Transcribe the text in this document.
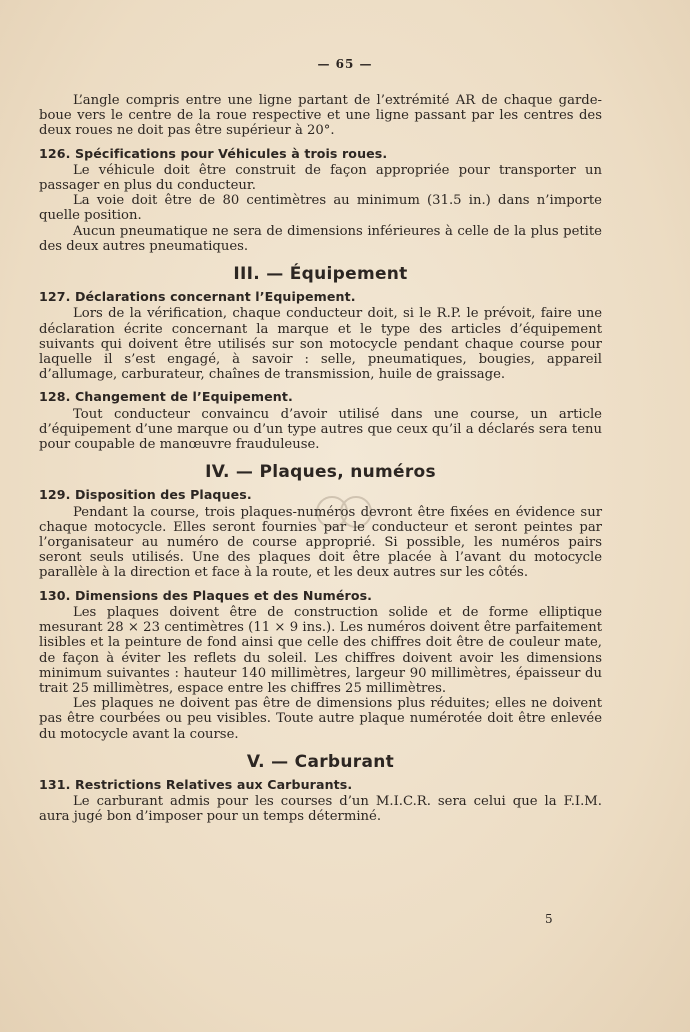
— 65 —

L’angle compris entre une ligne partant de l’extrémité AR de chaque garde-boue vers le centre de la roue respective et une ligne passant par les centres des deux roues ne doit pas être supérieur à 20°.

126. Spécifications pour Véhicules à trois roues.

Le véhicule doit être construit de façon appropriée pour transporter un passager en plus du conducteur.

La voie doit être de 80 centimètres au minimum (31.5 in.) dans n’importe quelle position.

Aucun pneumatique ne sera de dimensions inférieures à celle de la plus petite des deux autres pneumatiques.

III. — Équipement
127. Déclarations concernant l’Equipement.

Lors de la vérification, chaque conducteur doit, si le R.P. le prévoit, faire une déclaration écrite concernant la marque et le type des articles d’équipement suivants qui doivent être utilisés sur son motocycle pendant chaque course pour laquelle il s’est engagé, à savoir : selle, pneumatiques, bougies, appareil d’allumage, carburateur, chaînes de transmission, huile de graissage.

128. Changement de l’Equipement.

Tout conducteur convaincu d’avoir utilisé dans une course, un article d’équipement d’une marque ou d’un type autres que ceux qu’il a déclarés sera tenu pour coupable de manœuvre frauduleuse.

IV. — Plaques, numéros
129. Disposition des Plaques.

Pendant la course, trois plaques-numéros devront être fixées en évidence sur chaque motocycle. Elles seront fournies par le conducteur et seront peintes par l’organisateur au numéro de course approprié. Si possible, les numéros pairs seront seuls utilisés. Une des plaques doit être placée à l’avant du motocycle parallèle à la direction et face à la route, et les deux autres sur les côtés.

130. Dimensions des Plaques et des Numéros.

Les plaques doivent être de construction solide et de forme elliptique mesurant 28 × 23 centimètres (11 × 9 ins.). Les numéros doivent être parfaitement lisibles et la peinture de fond ainsi que celle des chiffres doit être de couleur mate, de façon à éviter les reflets du soleil. Les chiffres doivent avoir les dimensions minimum suivantes : hauteur 140 millimètres, largeur 90 millimètres, épaisseur du trait 25 millimètres, espace entre les chiffres 25 millimètres.

Les plaques ne doivent pas être de dimensions plus réduites; elles ne doivent pas être courbées ou peu visibles. Toute autre plaque numérotée doit être enlevée du motocycle avant la course.

V. — Carburant
131. Restrictions Relatives aux Carburants.

Le carburant admis pour les courses d’un M.I.C.R. sera celui que la F.I.M. aura jugé bon d’imposer pour un temps déterminé.

5
